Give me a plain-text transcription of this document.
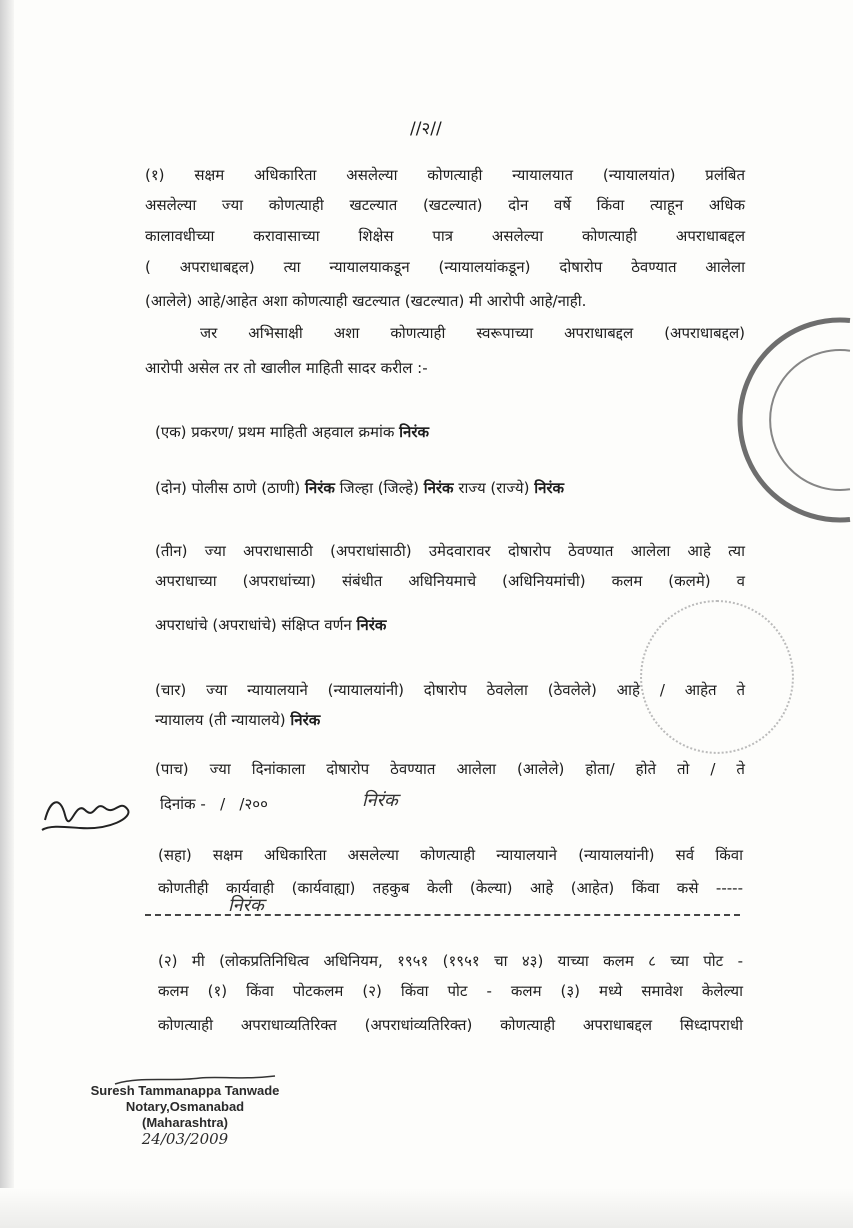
//२//
(१) सक्षम अधिकारिता असलेल्या कोणत्याही न्यायालयात (न्यायालयांत) प्रलंबित
असलेल्या ज्या कोणत्याही खटल्यात (खटल्यात) दोन वर्षे किंवा त्याहून अधिक
कालावधीच्या करावासाच्या शिक्षेस पात्र असलेल्या कोणत्याही अपराधाबद्दल
( अपराधाबद्दल) त्या न्यायालयाकडून (न्यायालयांकडून) दोषारोप ठेवण्यात आलेला
(आलेले) आहे/आहेत अशा कोणत्याही खटल्यात (खटल्यात) मी आरोपी आहे/नाही.
जर अभिसाक्षी अशा कोणत्याही स्वरूपाच्या अपराधाबद्दल (अपराधाबद्दल)
आरोपी असेल तर तो खालील माहिती सादर करील :-
(एक) प्रकरण/ प्रथम माहिती अहवाल क्रमांक निरंक
(दोन) पोलीस ठाणे (ठाणी) निरंक जिल्हा (जिल्हे) निरंक राज्य (राज्ये) निरंक
(तीन) ज्या अपराधासाठी (अपराधांसाठी) उमेदवारावर दोषारोप ठेवण्यात आलेला आहे त्या
अपराधाच्या (अपराधांच्या) संबंधीत अधिनियमाचे (अधिनियमांची) कलम (कलमे) व
अपराधांचे (अपराधांचे) संक्षिप्त वर्णन निरंक
(चार) ज्या न्यायालयाने (न्यायालयांनी) दोषारोप ठेवलेला (ठेवलेले) आहे / आहेत ते
न्यायालय (ती न्यायालये) निरंक
(पाच) ज्या दिनांकाला दोषारोप ठेवण्यात आलेला (आलेले) होता/ होते तो / ते
दिनांक -   /   /२००	निरंक
(सहा) सक्षम अधिकारिता असलेल्या कोणत्याही न्यायालयाने (न्यायालयांनी) सर्व किंवा
कोणतीही कार्यवाही (कार्यवाह्या) तहकुब केली (केल्या) आहे (आहेत) किंवा कसे -----
निरंक
(२) मी (लोकप्रतिनिधित्व अधिनियम, १९५१ (१९५१ चा ४३) याच्या कलम ८ च्या पोट -
कलम (१) किंवा पोटकलम (२) किंवा पोट - कलम (३) मध्ये समावेश केलेल्या
कोणत्याही अपराधाव्यतिरिक्त (अपराधांव्यतिरिक्त) कोणत्याही अपराधाबद्दल सिध्दापराधी
Suresh Tammanappa Tanwade
Notary,Osmanabad
(Maharashtra)
24/03/2009
